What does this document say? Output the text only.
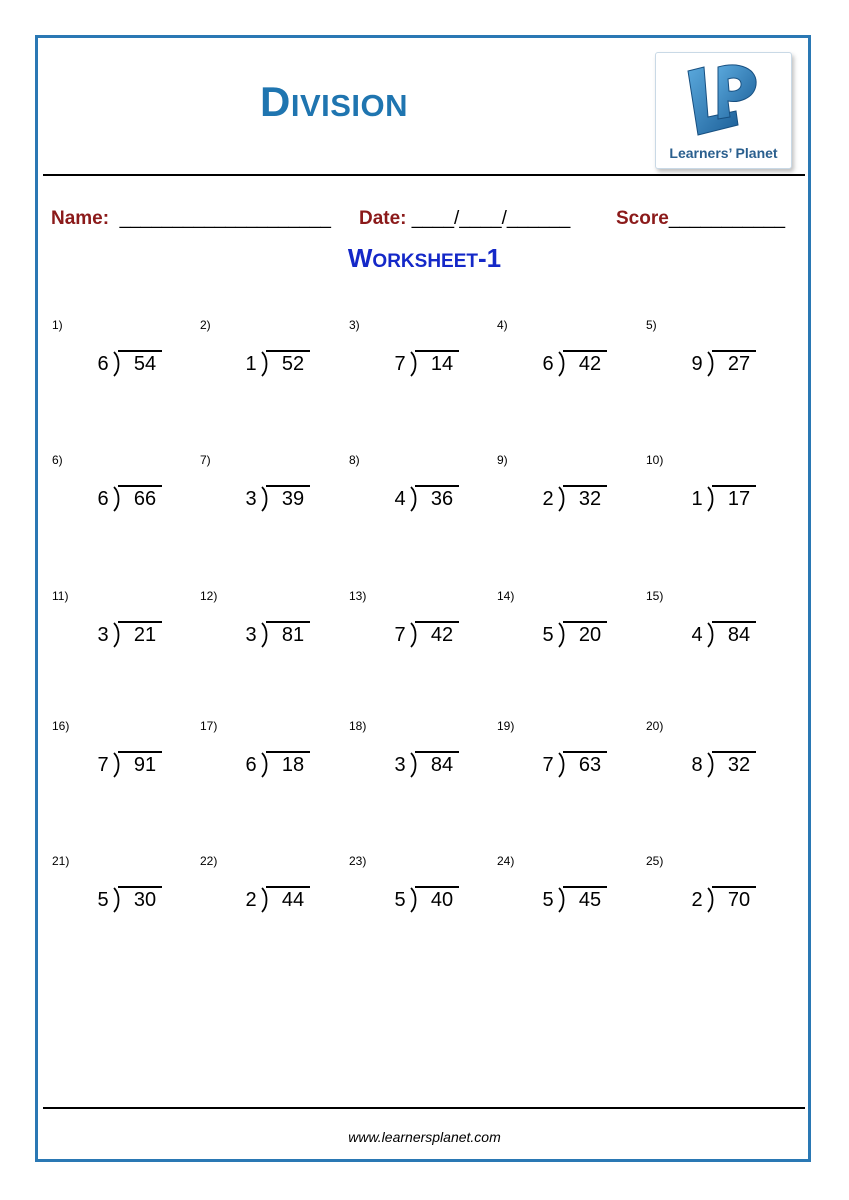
DIVISION
Learners’ Planet
Name:  ____________________ Date: ____/____/______ Score___________
WORKSHEET-1
1)
6	54
2)
1	52
3)
7	14
4)
6	42
5)
9	27
6)
6	66
7)
3	39
8)
4	36
9)
2	32
10)
1	17
11)
3	21
12)
3	81
13)
7	42
14)
5	20
15)
4	84
16)
7	91
17)
6	18
18)
3	84
19)
7	63
20)
8	32
21)
5	30
22)
2	44
23)
5	40
24)
5	45
25)
2	70
www.learnersplanet.com
